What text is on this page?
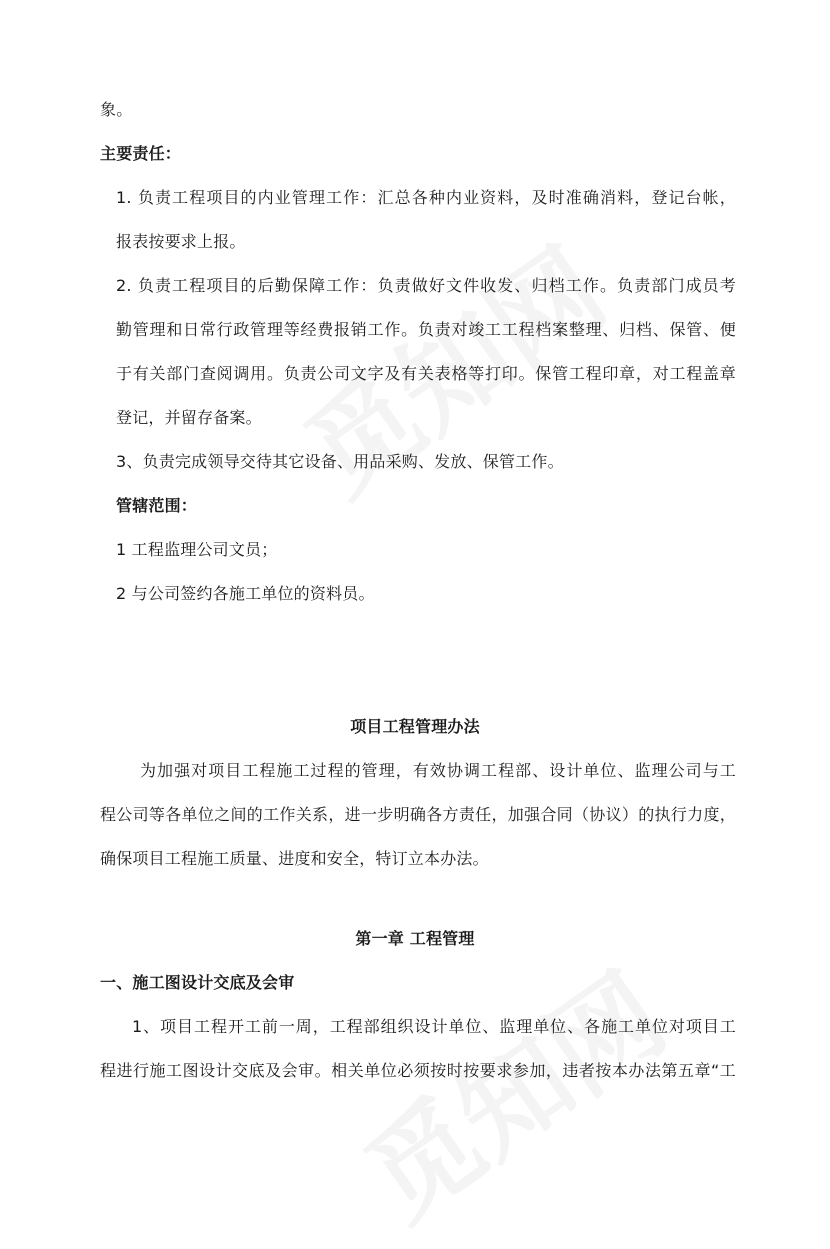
象。
主要责任：
1. 负责工程项目的内业管理工作：汇总各种内业资料，及时准确消料，登记台帐，
报表按要求上报。
2. 负责工程项目的后勤保障工作：负责做好文件收发、归档工作。负责部门成员考
勤管理和日常行政管理等经费报销工作。负责对竣工工程档案整理、归档、保管、便
于有关部门查阅调用。负责公司文字及有关表格等打印。保管工程印章，对工程盖章
登记，并留存备案。
3、负责完成领导交待其它设备、用品采购、发放、保管工作。
管辖范围：
1 工程监理公司文员；
2 与公司签约各施工单位的资料员。
项目工程管理办法
为加强对项目工程施工过程的管理，有效协调工程部、设计单位、监理公司与工
程公司等各单位之间的工作关系，进一步明确各方责任，加强合同（协议）的执行力度，
确保项目工程施工质量、进度和安全，特订立本办法。
第一章 工程管理
一、施工图设计交底及会审
1、项目工程开工前一周，工程部组织设计单位、监理单位、各施工单位对项目工
程进行施工图设计交底及会审。相关单位必须按时按要求参加，违者按本办法第五章“工
